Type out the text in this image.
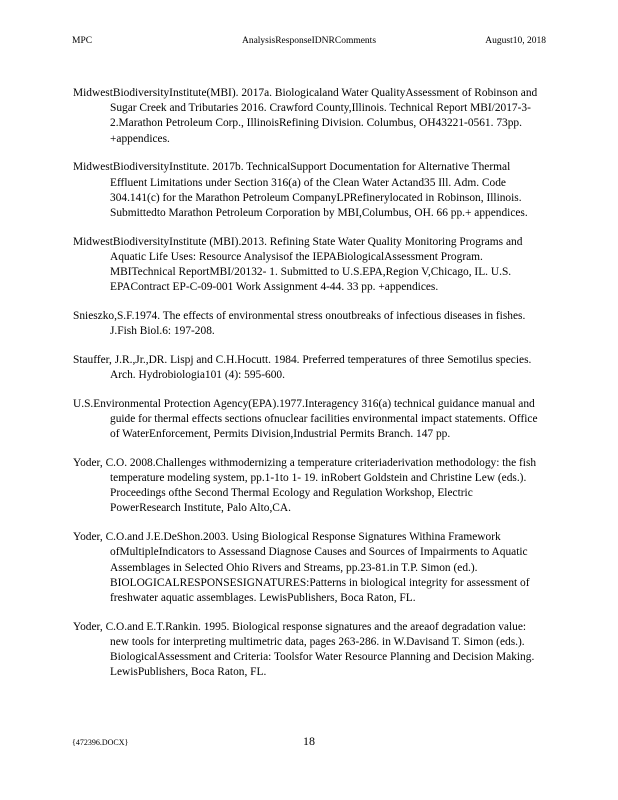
MPC	AnalysisResponseIDNRComments	August10, 2018

MidwestBiodiversityInstitute(MBI). 2017a. Biologicaland Water QualityAssessment of Robinson and Sugar Creek and Tributaries 2016. Crawford County,Illinois. Technical Report MBI/2017-3-2.Marathon Petroleum Corp., IllinoisRefining Division. Columbus, OH43221-0561. 73pp. +appendices.

MidwestBiodiversityInstitute. 2017b. TechnicalSupport Documentation for Alternative Thermal Effluent Limitations under Section 316(a) of the Clean Water Actand35 Ill. Adm. Code 304.141(c) for the Marathon Petroleum CompanyLPRefinerylocated in Robinson, Illinois. Submittedto Marathon Petroleum Corporation by MBI,Columbus, OH. 66 pp.+ appendices.

MidwestBiodiversityInstitute (MBI).2013. Refining State Water Quality Monitoring Programs and Aquatic Life Uses: Resource Analysisof the IEPABiologicalAssessment Program. MBITechnical ReportMBI/20132- 1. Submitted to U.S.EPA,Region V,Chicago, IL. U.S. EPAContract EP-C-09-001 Work Assignment 4-44. 33 pp. +appendices.

Snieszko,S.F.1974. The effects of environmental stress onoutbreaks of infectious diseases in fishes. J.Fish Biol.6: 197-208.

Stauffer, J.R.,Jr.,DR. Lispj and C.H.Hocutt. 1984. Preferred temperatures of three Semotilus species. Arch. Hydrobiologia101 (4): 595-600.

U.S.Environmental Protection Agency(EPA).1977.Interagency 316(a) technical guidance manual and guide for thermal effects sections ofnuclear facilities environmental impact statements. Office of WaterEnforcement, Permits Division,Industrial Permits Branch. 147 pp.

Yoder, C.O. 2008.Challenges withmodernizing a temperature criteriaderivation methodology: the fish temperature modeling system, pp.1-1to 1- 19. inRobert Goldstein and Christine Lew (eds.). Proceedings ofthe Second Thermal Ecology and Regulation Workshop, Electric PowerResearch Institute, Palo Alto,CA.

Yoder, C.O.and J.E.DeShon.2003. Using Biological Response Signatures Withina Framework ofMultipleIndicators to Assessand Diagnose Causes and Sources of Impairments to Aquatic Assemblages in Selected Ohio Rivers and Streams, pp.23-81.in T.P. Simon (ed.). BIOLOGICALRESPONSESIGNATURES:Patterns in biological integrity for assessment of freshwater aquatic assemblages. LewisPublishers, Boca Raton, FL.

Yoder, C.O.and E.T.Rankin. 1995. Biological response signatures and the areaof degradation value: new tools for interpreting multimetric data, pages 263-286. in W.Davisand T. Simon (eds.). BiologicalAssessment and Criteria: Toolsfor Water Resource Planning and Decision Making. LewisPublishers, Boca Raton, FL.

{472396.DOCX}	18
